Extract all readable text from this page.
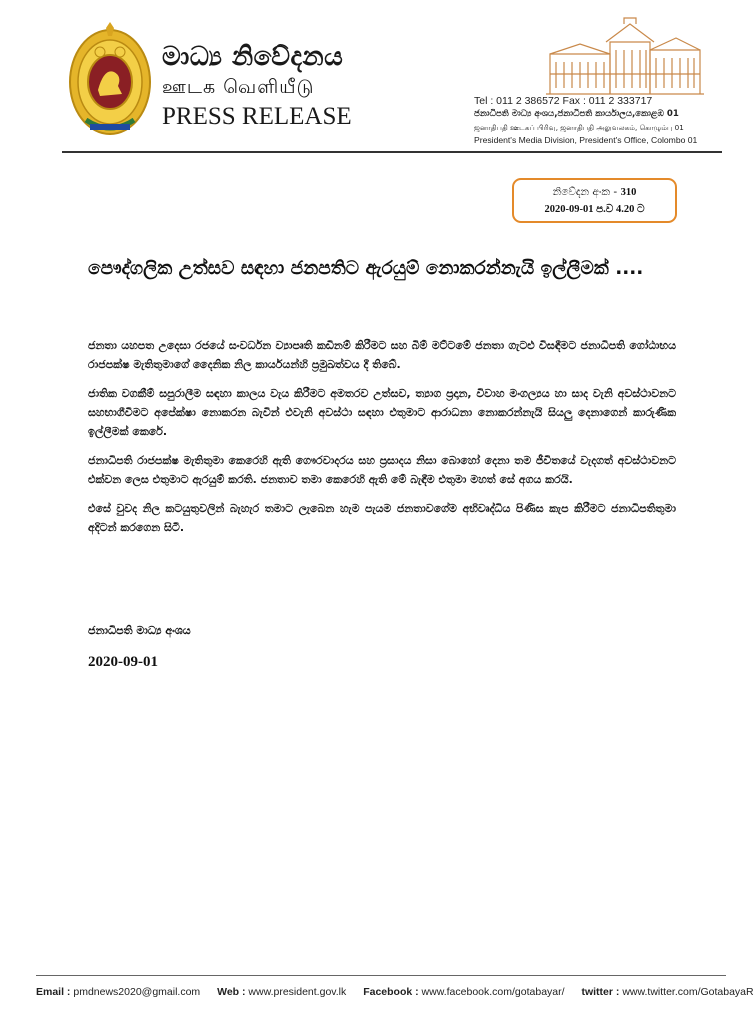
මාධ්‍ය නිවේදනය
ஊடக வெளியீடு
PRESS RELEASE
Tel : 011 2 386572 Fax : 011 2 333717
ජනාධිපති මාධ්‍ය අංශය,ජනාධිපති කාර්යාලය,කොළඹ 01
ஜனாதிபதி ஊடகப் பிரிவு, ஜனாதிபதி அலுவலகம், கொழும்பு 01
President's Media Division, President's Office, Colombo 01
නිවේදන අංක - 310
2020-09-01 ප.ව 4.20 ට
පෞද්ගලික උත්සව සඳහා ජනපතිට ඇරයුම් නොකරන්නැයි ඉල්ලීමක් ....

ජනතා යහපත උදෙසා රජයේ සංවර්ධන ව්‍යාපෘති කඩිනම් කිරීමට සහ බිම් මට්ටමේ ජනතා ගැටළු විසඳීමට ජනාධිපති ගෝඨාභය රාජපක්ෂ මැතිතුමාගේ දෛනික නිල කාර්යයන්හි ප්‍රමුඛත්වය දී තිබේ.

ජාතික වගකීම් සපුරාලීම සඳහා කාලය වැය කිරීමට අමතරව උත්සව, ත්‍යාග ප්‍රදාන, විවාහ මංගල්‍යය හා සාද වැනි අවස්ථාවනට සහභාගීවීමට අපේක්ෂා නොකරන බැවින් එවැනි අවස්ථා සඳහා එතුමාට ආරාධනා නොකරන්නැයි සියලු දෙනාගෙන් කාරුණික ඉල්ලීමක් කෙරේ.

ජනාධිපති රාජපක්ෂ මැතිතුමා කෙරෙහි ඇති ගෞරවාදරය සහ ප්‍රසාදය නිසා බොහෝ දෙනා තම ජීවිතයේ වැදගත් අවස්ථාවනට එක්වන ලෙස එතුමාට ඇරයුම් කරති. ජනතාව තමා කෙරෙහි ඇති මේ බැඳීම එතුමා මහත් සේ අගය කරයි.

එසේ වුවද නිල කටයුතුවලින් බැහැර තමාට ලැබෙන හැම පැයම ජනතාවගේම අභිවෘද්ධිය පිණිස කැප කිරීමට ජනාධිපතිතුමා අදිටන් කරගෙන සිටී.

ජනාධිපති මාධ්‍ය අංශය
2020-09-01
Email : pmdnews2020@gmail.com Web : www.president.gov.lk Facebook : www.facebook.com/gotabayar/ twitter : www.twitter.com/GotabayaR
